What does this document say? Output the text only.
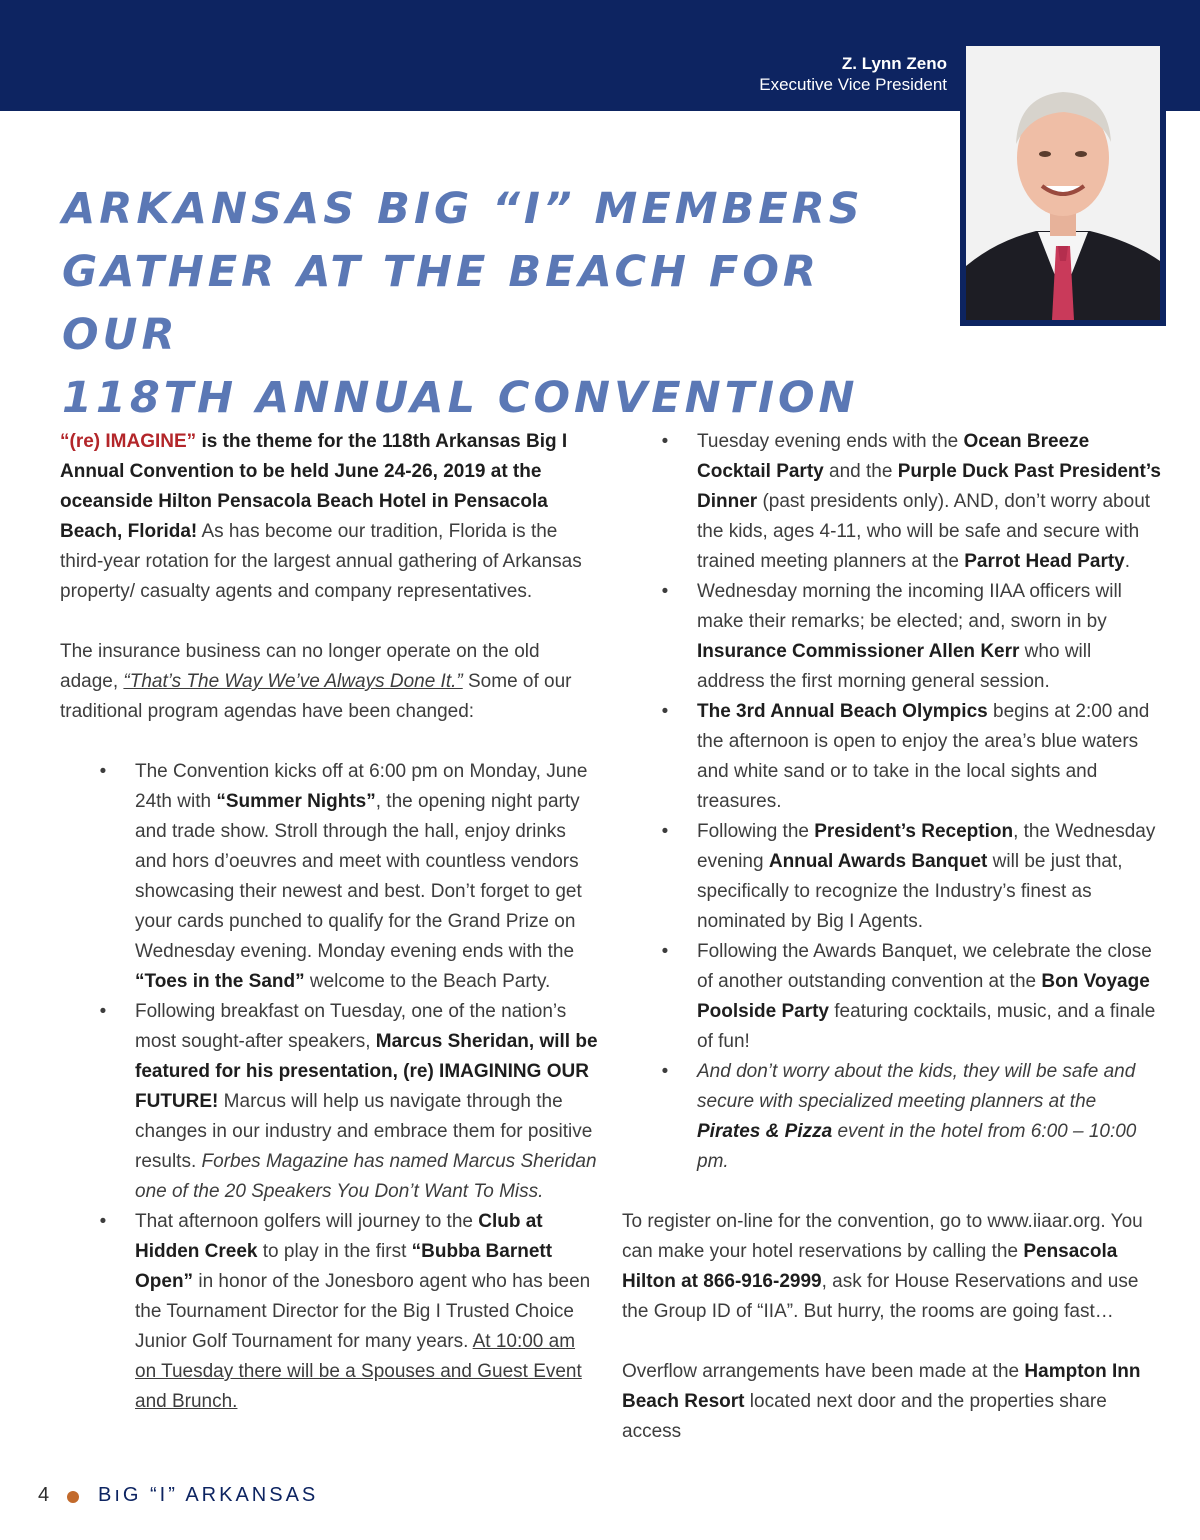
Z. Lynn Zeno
Executive Vice President
ARKANSAS BIG “I” MEMBERS
GATHER AT THE BEACH FOR OUR
118TH ANNUAL CONVENTION

“(re) IMAGINE” is the theme for the 118th Arkansas Big I Annual Convention to be held June 24-26, 2019 at the oceanside Hilton Pensacola Beach Hotel in Pensacola Beach, Florida! As has become our tradition, Florida is the third-year rotation for the largest annual gathering of Arkansas property/ casualty agents and company representatives.

The insurance business can no longer operate on the old adage, “That’s The Way We’ve Always Done It.” Some of our traditional program agendas have been changed:

• The Convention kicks off at 6:00 pm on Monday, June 24th with “Summer Nights”, the opening night party and trade show. Stroll through the hall, enjoy drinks and hors d’oeuvres and meet with countless vendors showcasing their newest and best. Don’t forget to get your cards punched to qualify for the Grand Prize on Wednesday evening. Monday evening ends with the “Toes in the Sand” welcome to the Beach Party.
• Following breakfast on Tuesday, one of the nation’s most sought-after speakers, Marcus Sheridan, will be featured for his presentation, (re) IMAGINING OUR FUTURE! Marcus will help us navigate through the changes in our industry and embrace them for positive results. Forbes Magazine has named Marcus Sheridan one of the 20 Speakers You Don’t Want To Miss.
• That afternoon golfers will journey to the Club at Hidden Creek to play in the first “Bubba Barnett Open” in honor of the Jonesboro agent who has been the Tournament Director for the Big I Trusted Choice Junior Golf Tournament for many years. At 10:00 am on Tuesday there will be a Spouses and Guest Event and Brunch.
• Tuesday evening ends with the Ocean Breeze Cocktail Party and the Purple Duck Past President’s Dinner (past presidents only). AND, don’t worry about the kids, ages 4-11, who will be safe and secure with trained meeting planners at the Parrot Head Party.
• Wednesday morning the incoming IIAA officers will make their remarks; be elected; and, sworn in by Insurance Commissioner Allen Kerr who will address the first morning general session.
• The 3rd Annual Beach Olympics begins at 2:00 and the afternoon is open to enjoy the area’s blue waters and white sand or to take in the local sights and treasures.
• Following the President’s Reception, the Wednesday evening Annual Awards Banquet will be just that, specifically to recognize the Industry’s finest as nominated by Big I Agents.
• Following the Awards Banquet, we celebrate the close of another outstanding convention at the Bon Voyage Poolside Party featuring cocktails, music, and a finale of fun!
• And don’t worry about the kids, they will be safe and secure with specialized meeting planners at the Pirates & Pizza event in the hotel from 6:00 – 10:00 pm.

To register on-line for the convention, go to www.iiaar.org. You can make your hotel reservations by calling the Pensacola Hilton at 866-916-2999, ask for House Reservations and use the Group ID of “IIA”. But hurry, the rooms are going fast…

Overflow arrangements have been made at the Hampton Inn Beach Resort located next door and the properties share access

4 BıG “I” ARKANSAS
